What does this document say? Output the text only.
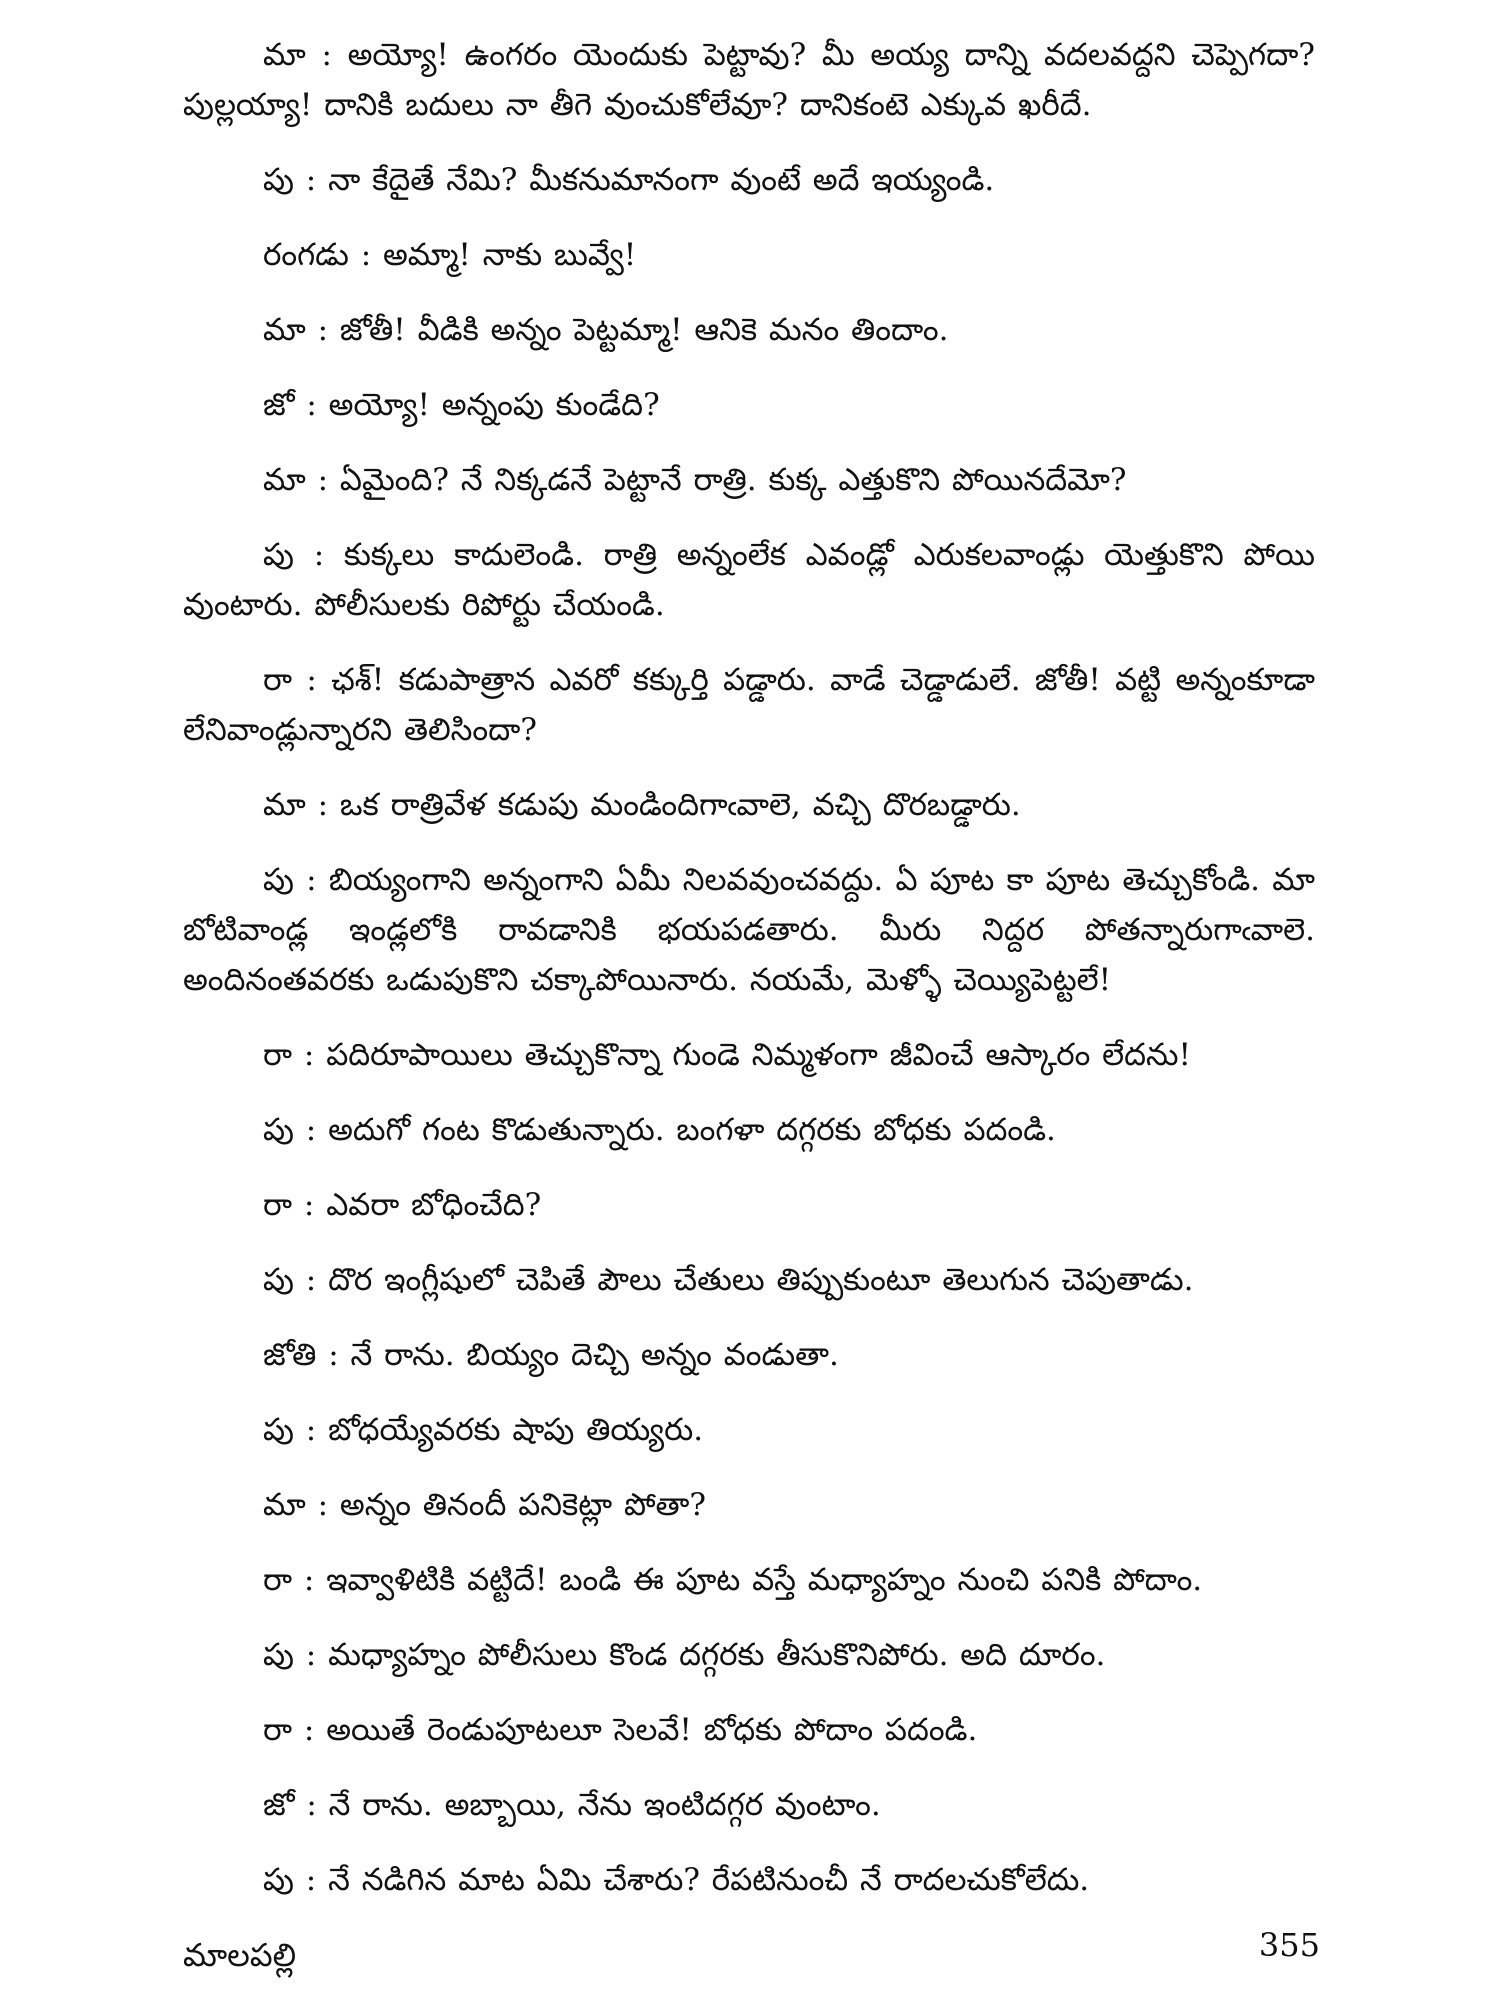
మా : అయ్యో! ఉంగరం యెందుకు పెట్టావు? మీ అయ్య దాన్ని వదలవద్దని చెప్పెగదా? పుల్లయ్యా! దానికి బదులు నా తీగె వుంచుకోలేవూ? దానికంటె ఎక్కువ ఖరీదే.

పు : నా కేదైతే నేమి? మీకనుమానంగా వుంటే అదే ఇయ్యండి.

రంగడు : అమ్మా! నాకు బువ్వే!

మా : జోతీ! వీడికి అన్నం పెట్టమ్మా! ఆనికె మనం తిందాం.

జో : అయ్యో! అన్నంపు కుండేది?

మా : ఏమైంది? నే నిక్కడనే పెట్టానే రాత్రి. కుక్క ఎత్తుకొని పోయినదేమో?

పు : కుక్కలు కాదులెండి. రాత్రి అన్నంలేక ఎవండ్లో ఎరుకలవాండ్లు యెత్తుకొని పోయి వుంటారు. పోలీసులకు రిపోర్టు చేయండి.

రా : ఛశ్! కడుపాత్రాన ఎవరో కక్కుర్తి పడ్డారు. వాడే చెడ్డాడులే. జోతీ! వట్టి అన్నంకూడా లేనివాండ్లున్నారని తెలిసిందా?

మా : ఒక రాత్రివేళ కడుపు మండిందిగాఁవాలె, వచ్చి దొరబడ్డారు.

పు : బియ్యంగాని అన్నంగాని ఏమీ నిలవవుంచవద్దు. ఏ పూట కా పూట తెచ్చుకోండి. మా బోటివాండ్ల ఇండ్లలోకి రావడానికి భయపడతారు. మీరు నిద్దర పోతన్నారుగాఁవాలె. అందినంతవరకు ఒడుపుకొని చక్కాపోయినారు. నయమే, మెళ్ళో చెయ్యిపెట్టలే!

రా : పదిరూపాయిలు తెచ్చుకొన్నా గుండె నిమ్మళంగా జీవించే ఆస్కారం లేదను!

పు : అదుగో గంట కొడుతున్నారు. బంగళా దగ్గరకు బోధకు పదండి.

రా : ఎవరా బోధించేది?

పు : దొర ఇంగ్లీషులో చెపితే పౌలు చేతులు తిప్పుకుంటూ తెలుగున చెపుతాడు.

జోతి : నే రాను. బియ్యం దెచ్చి అన్నం వండుతా.

పు : బోధయ్యేవరకు షాపు తియ్యరు.

మా : అన్నం తినందీ పనికెట్లా పోతా?

రా : ఇవ్వాళిటికి వట్టిదే! బండి ఈ పూట వస్తే మధ్యాహ్నం నుంచి పనికి పోదాం.

పు : మధ్యాహ్నం పోలీసులు కొండ దగ్గరకు తీసుకొనిపోరు. అది దూరం.

రా : అయితే రెండుపూటలూ సెలవే! బోధకు పోదాం పదండి.

జో : నే రాను. అబ్బాయి, నేను ఇంటిదగ్గర వుంటాం.

పు : నే నడిగిన మాట ఏమి చేశారు? రేపటినుంచీ నే రాదలచుకోలేదు.

మాలపల్లి	355
